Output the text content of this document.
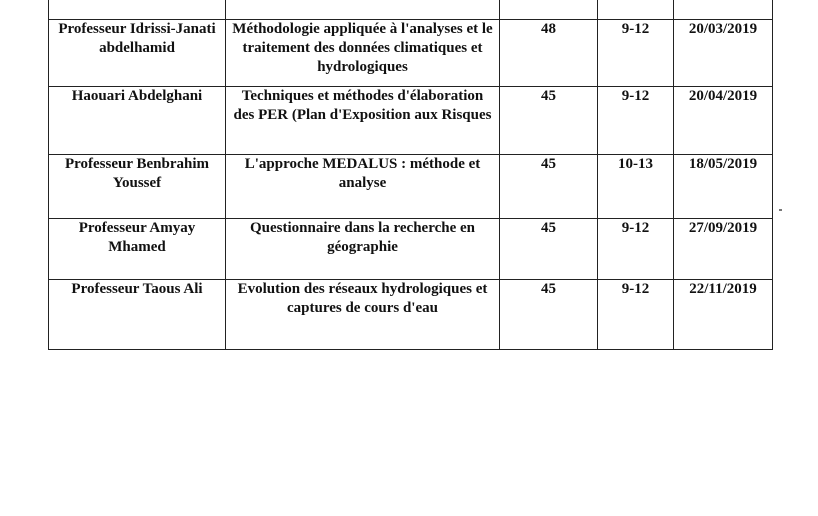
Professeur Idrissi-Janati abdelhamid	Méthodologie appliquée à l'analyses et le traitement des données climatiques et hydrologiques	48	9-12	20/03/2019
Haouari Abdelghani	Techniques et méthodes d'élaboration des PER (Plan d'Exposition aux Risques	45	9-12	20/04/2019
Professeur Benbrahim Youssef	L'approche MEDALUS : méthode et analyse	45	10-13	18/05/2019
Professeur Amyay Mhamed	Questionnaire dans la recherche en géographie	45	9-12	27/09/2019
Professeur Taous Ali	Evolution des réseaux hydrologiques et captures de cours d'eau	45	9-12	22/11/2019
